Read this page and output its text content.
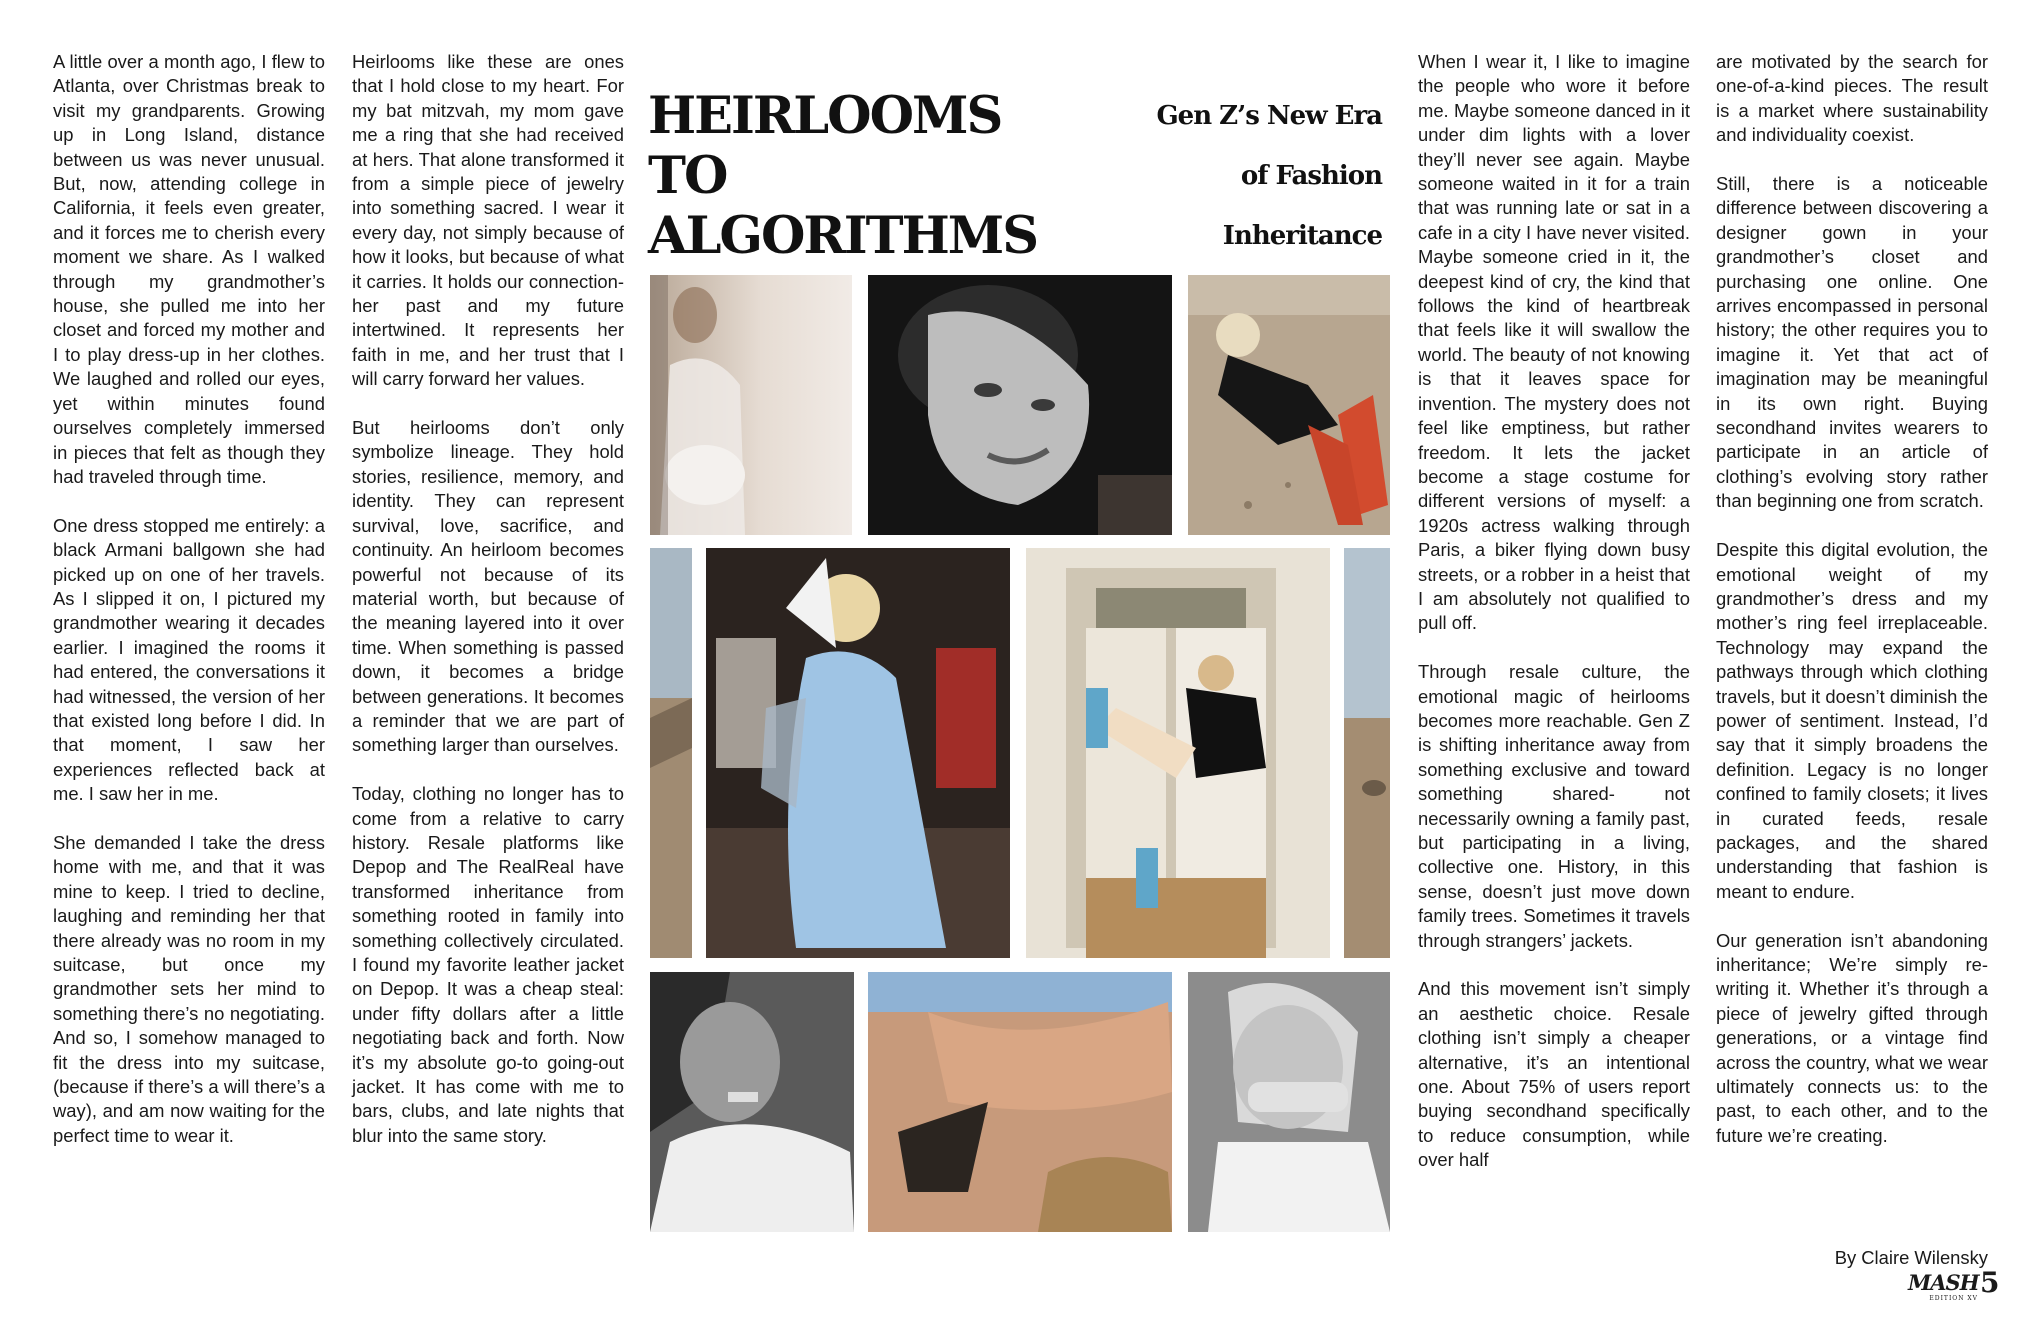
A little over a month ago, I flew to Atlanta, over Christmas break to visit my grandparents. Growing up in Long Island, distance between us was never unusual. But, now, attending college in California, it feels even greater, and it forces me to cherish every moment we share. As I walked through my grandmother’s house, she pulled me into her closet and forced my mother and I to play dress-up in her clothes. We laughed and rolled our eyes, yet within minutes found ourselves completely immersed in pieces that felt as though they had traveled through time.

One dress stopped me entirely: a black Armani ballgown she had picked up on one of her travels. As I slipped it on, I pictured my grandmother wearing it decades earlier. I imagined the rooms it had entered, the conversations it had witnessed, the version of her that existed long before I did. In that moment, I saw her experiences reflected back at me. I saw her in me.

She demanded I take the dress home with me, and that it was mine to keep. I tried to decline, laughing and reminding her that there already was no room in my suitcase, but once my grandmother sets her mind to something there’s no negotiating. And so, I somehow managed to fit the dress into my suitcase, (because if there’s a will there’s a way), and am now waiting for the perfect time to wear it.

Heirlooms like these are ones that I hold close to my heart. For my bat mitzvah, my mom gave me a ring that she had received at hers. That alone transformed it from a simple piece of jewelry into something sacred. I wear it every day, not simply because of how it looks, but because of what it carries. It holds our connection- her past and my future intertwined. It represents her faith in me, and her trust that I will carry forward her values.

But heirlooms don’t only symbolize lineage. They hold stories, resilience, memory, and identity. They can represent survival, love, sacrifice, and continuity. An heirloom becomes powerful not because of its material worth, but because of the meaning layered into it over time. When something is passed down, it becomes a bridge between generations. It becomes a reminder that we are part of something larger than ourselves.

Today, clothing no longer has to come from a relative to carry history. Resale platforms like Depop and The RealReal have transformed inheritance from something rooted in family into something collectively circulated. I found my favorite leather jacket on Depop. It was a cheap steal: under fifty dollars after a little negotiating back and forth. Now it’s my absolute go-to going-out jacket. It has come with me to bars, clubs, and late nights that blur into the same story.

When I wear it, I like to imagine the people who wore it before me. Maybe someone danced in it under dim lights with a lover they’ll never see again. Maybe someone waited in it for a train that was running late or sat in a cafe in a city I have never visited. Maybe someone cried in it, the deepest kind of cry, the kind that follows the kind of heartbreak that feels like it will swallow the world. The beauty of not knowing is that it leaves space for invention. The mystery does not feel like emptiness, but rather freedom. It lets the jacket become a stage costume for different versions of myself: a 1920s actress walking through Paris, a biker flying down busy streets, or a robber in a heist that I am absolutely not qualified to pull off.

Through resale culture, the emotional magic of heirlooms becomes more reachable. Gen Z is shifting inheritance away from something exclusive and toward something shared- not necessarily owning a family past, but participating in a living, collective one. History, in this sense, doesn’t just move down family trees. Sometimes it travels through strangers’ jackets.

And this movement isn’t simply an aesthetic choice. Resale clothing isn’t simply a cheaper alternative, it’s an intentional one. About 75% of users report buying secondhand specifically to reduce consumption, while over half

are motivated by the search for one-of-a-kind pieces. The result is a market where sustainability and individuality coexist.

Still, there is a noticeable difference between discovering a designer gown in your grandmother’s closet and purchasing one online. One arrives encompassed in personal history; the other requires you to imagine it. Yet that act of imagination may be meaningful in its own right. Buying secondhand invites wearers to participate in an article of clothing’s evolving story rather than beginning one from scratch.

Despite this digital evolution, the emotional weight of my grandmother’s dress and my mother’s ring feel irreplaceable. Technology may expand the pathways through which clothing travels, but it doesn’t diminish the power of sentiment. Instead, I’d say that it simply broadens the definition. Legacy is no longer confined to family closets; it lives in curated feeds, resale packages, and the shared understanding that fashion is meant to endure.

Our generation isn’t abandoning inheritance; We’re simply re-writing it. Whether it’s through a piece of jewelry gifted through generations, or a vintage find across the country, what we wear ultimately connects us: to the past, to each other, and to the future we’re creating.

HEIRLOOMS
TO
ALGORITHMS
Gen Z’s New Era
of Fashion
Inheritance
By Claire Wilensky
MASH
EDITION XV 5
